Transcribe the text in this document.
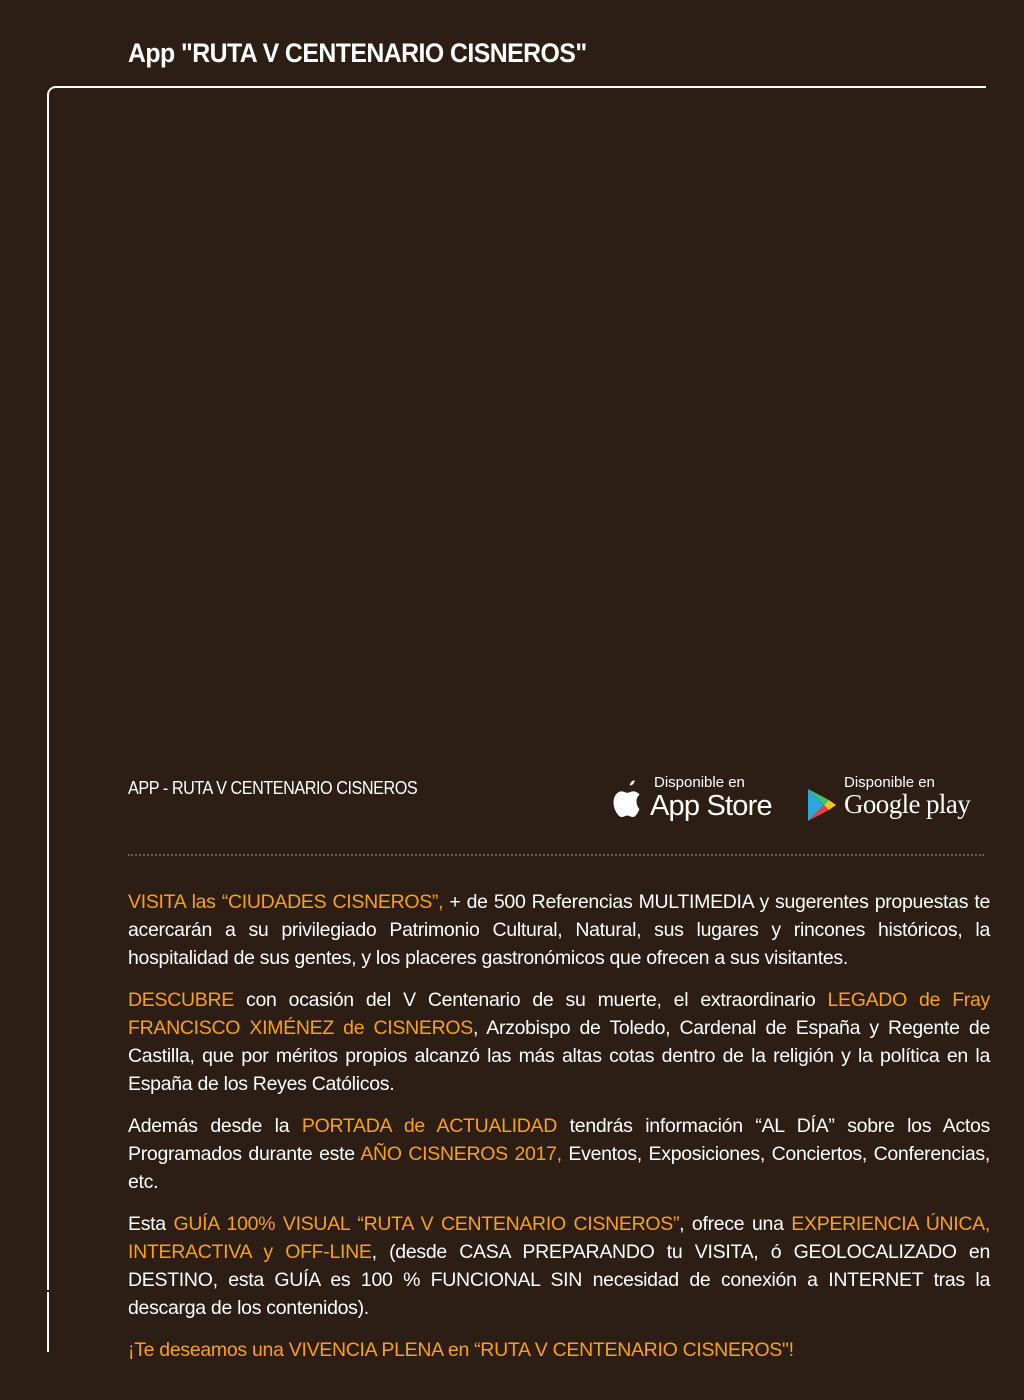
App "RUTA V CENTENARIO CISNEROS"
APP - RUTA V CENTENARIO CISNEROS	Disponible en
App Store
Disponible en
Google play

VISITA las “CIUDADES CISNEROS”, + de 500 Referencias MULTIMEDIA y sugerentes propuestas te acercarán a su privilegiado Patrimonio Cultural, Natural, sus lugares y rincones históricos, la hospitalidad de sus gentes, y los placeres gastronómicos que ofrecen a sus visitantes.

DESCUBRE con ocasión del V Centenario de su muerte, el extraordinario LEGADO de Fray FRANCISCO XIMÉNEZ de CISNEROS, Arzobispo de Toledo, Cardenal de España y Regente de Castilla, que por méritos propios alcanzó las más altas cotas dentro de la religión y la política en la España de los Reyes Católicos.

Además desde la PORTADA de ACTUALIDAD tendrás información “AL DÍA” sobre los Actos Programados durante este AÑO CISNEROS 2017, Eventos, Exposiciones, Conciertos, Conferencias, etc.

Esta GUÍA 100% VISUAL “RUTA V CENTENARIO CISNEROS”, ofrece una EXPERIENCIA ÚNICA, INTERACTIVA y OFF-LINE, (desde CASA PREPARANDO tu VISITA, ó GEOLOCALIZADO en DESTINO, esta GUÍA es 100 % FUNCIONAL SIN necesidad de conexión a INTERNET tras la descarga de los contenidos).

¡Te deseamos una VIVENCIA PLENA en “RUTA V CENTENARIO CISNEROS"!
